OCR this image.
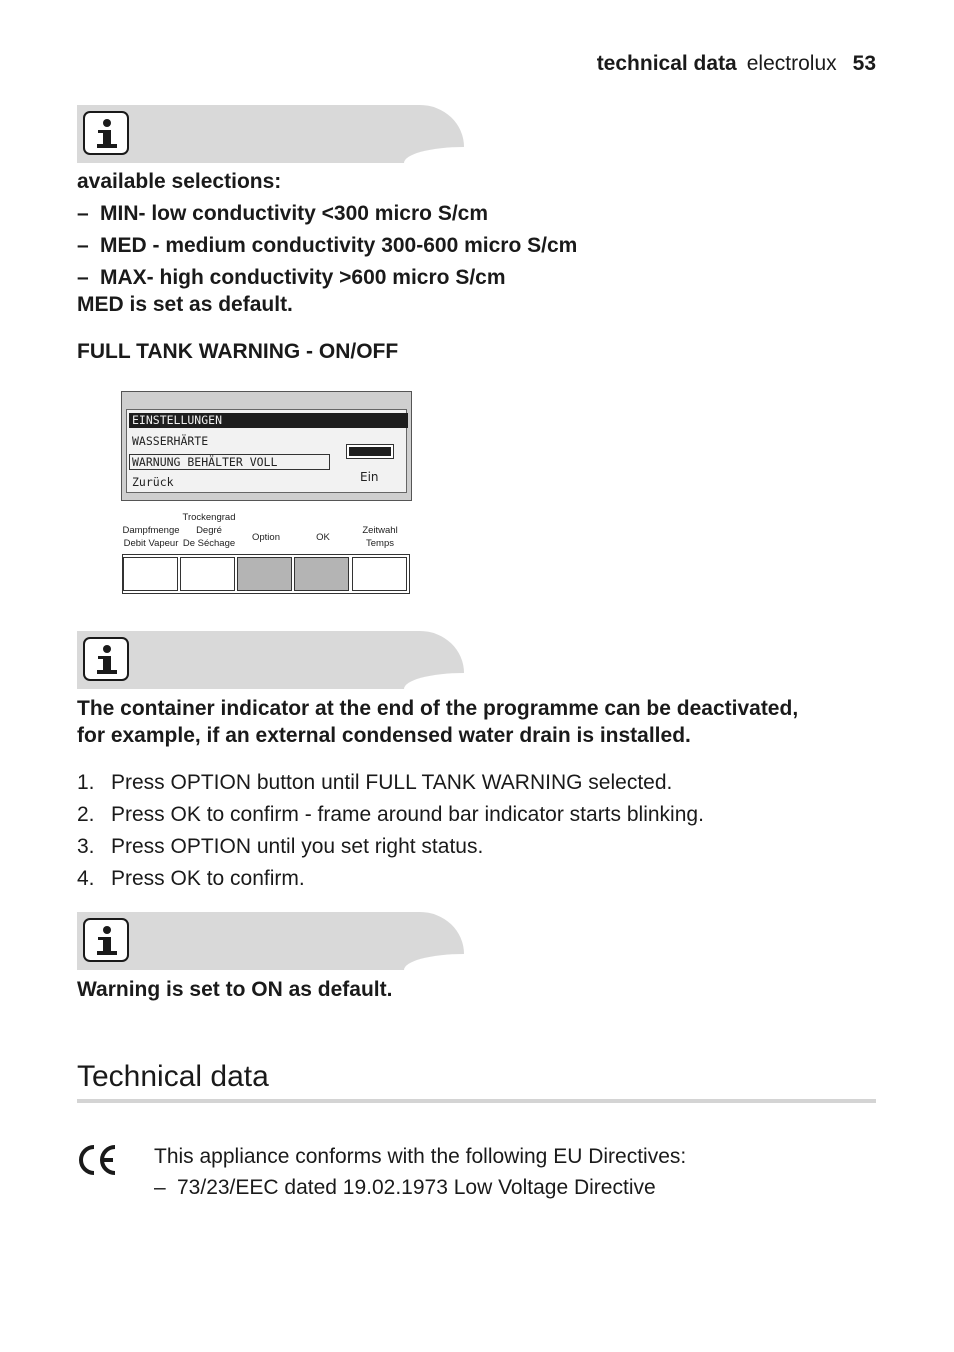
technical data electrolux 53
available selections:
– MIN- low conductivity <300 micro S/cm
– MED - medium conductivity 300-600 micro S/cm
– MAX- high conductivity >600 micro S/cm
MED is set as default.
FULL TANK WARNING - ON/OFF
EINSTELLUNGEN
WASSERHÄRTE
WARNUNG BEHÄLTER VOLL
Zurück	Ein

Dampfmenge
Debit Vapeur
Trockengrad
Degré
De Séchage
Option	OK
Zeitwahl
Temps
The container indicator at the end of the programme can be deactivated,
for example, if an external condensed water drain is installed.
1. Press OPTION button until FULL TANK WARNING selected.
2. Press OK to confirm - frame around bar indicator starts blinking.
3. Press OPTION until you set right status.
4. Press OK to confirm.
Warning is set to ON as default.
Technical data
This appliance conforms with the following EU Directives:
– 73/23/EEC dated 19.02.1973 Low Voltage Directive
